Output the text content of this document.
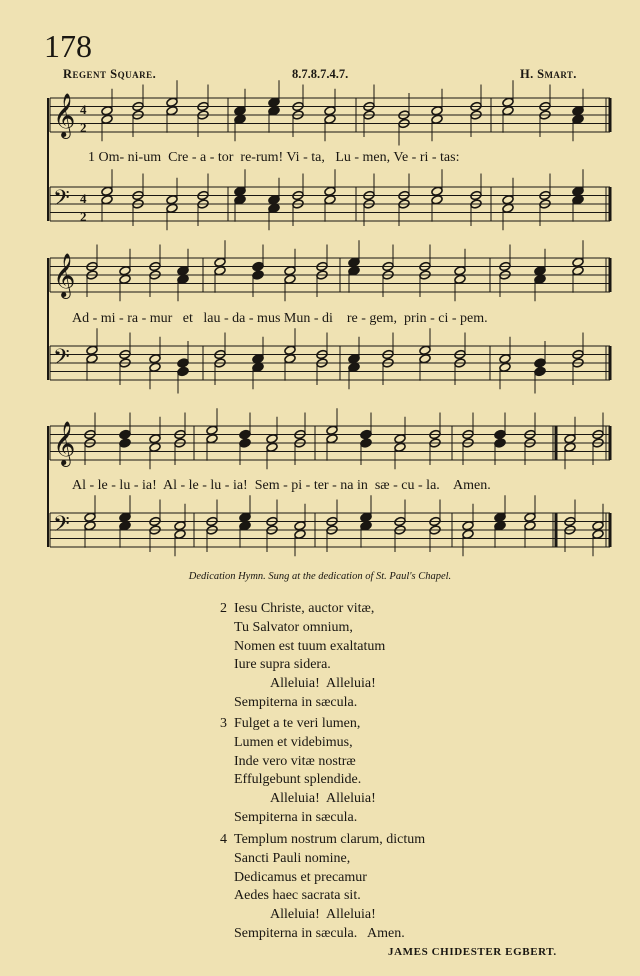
178
Regent Square.	8.7.8.7.4.7.	H. Smart.
𝄞
𝄢
4
2
4
2
𝄞
𝄢
𝄞
𝄢
1 Om- ni-um  Cre - a - tor  re-rum! Vi - ta,   Lu - men, Ve - ri - tas:
Ad - mi - ra - mur   et   lau - da - mus Mun - di    re - gem,  prin - ci - pem.
Al - le - lu - ia!  Al - le - lu - ia!  Sem - pi - ter - na in  sæ - cu - la.    Amen.
Dedication Hymn. Sung at the dedication of St. Paul's Chapel.
2 Iesu Christe, auctor vitæ,
Tu Salvator omnium,
Nomen est tuum exaltatum
Iure supra sidera.
Alleluia!  Alleluia!
Sempiterna in sæcula.
3 Fulget a te veri lumen,
Lumen et videbimus,
Inde vero vitæ nostræ
Effulgebunt splendide.
Alleluia!  Alleluia!
Sempiterna in sæcula.
4 Templum nostrum clarum, dictum
Sancti Pauli nomine,
Dedicamus et precamur
Aedes haec sacrata sit.
Alleluia!  Alleluia!
Sempiterna in sæcula.   Amen.
JAMES CHIDESTER EGBERT.
